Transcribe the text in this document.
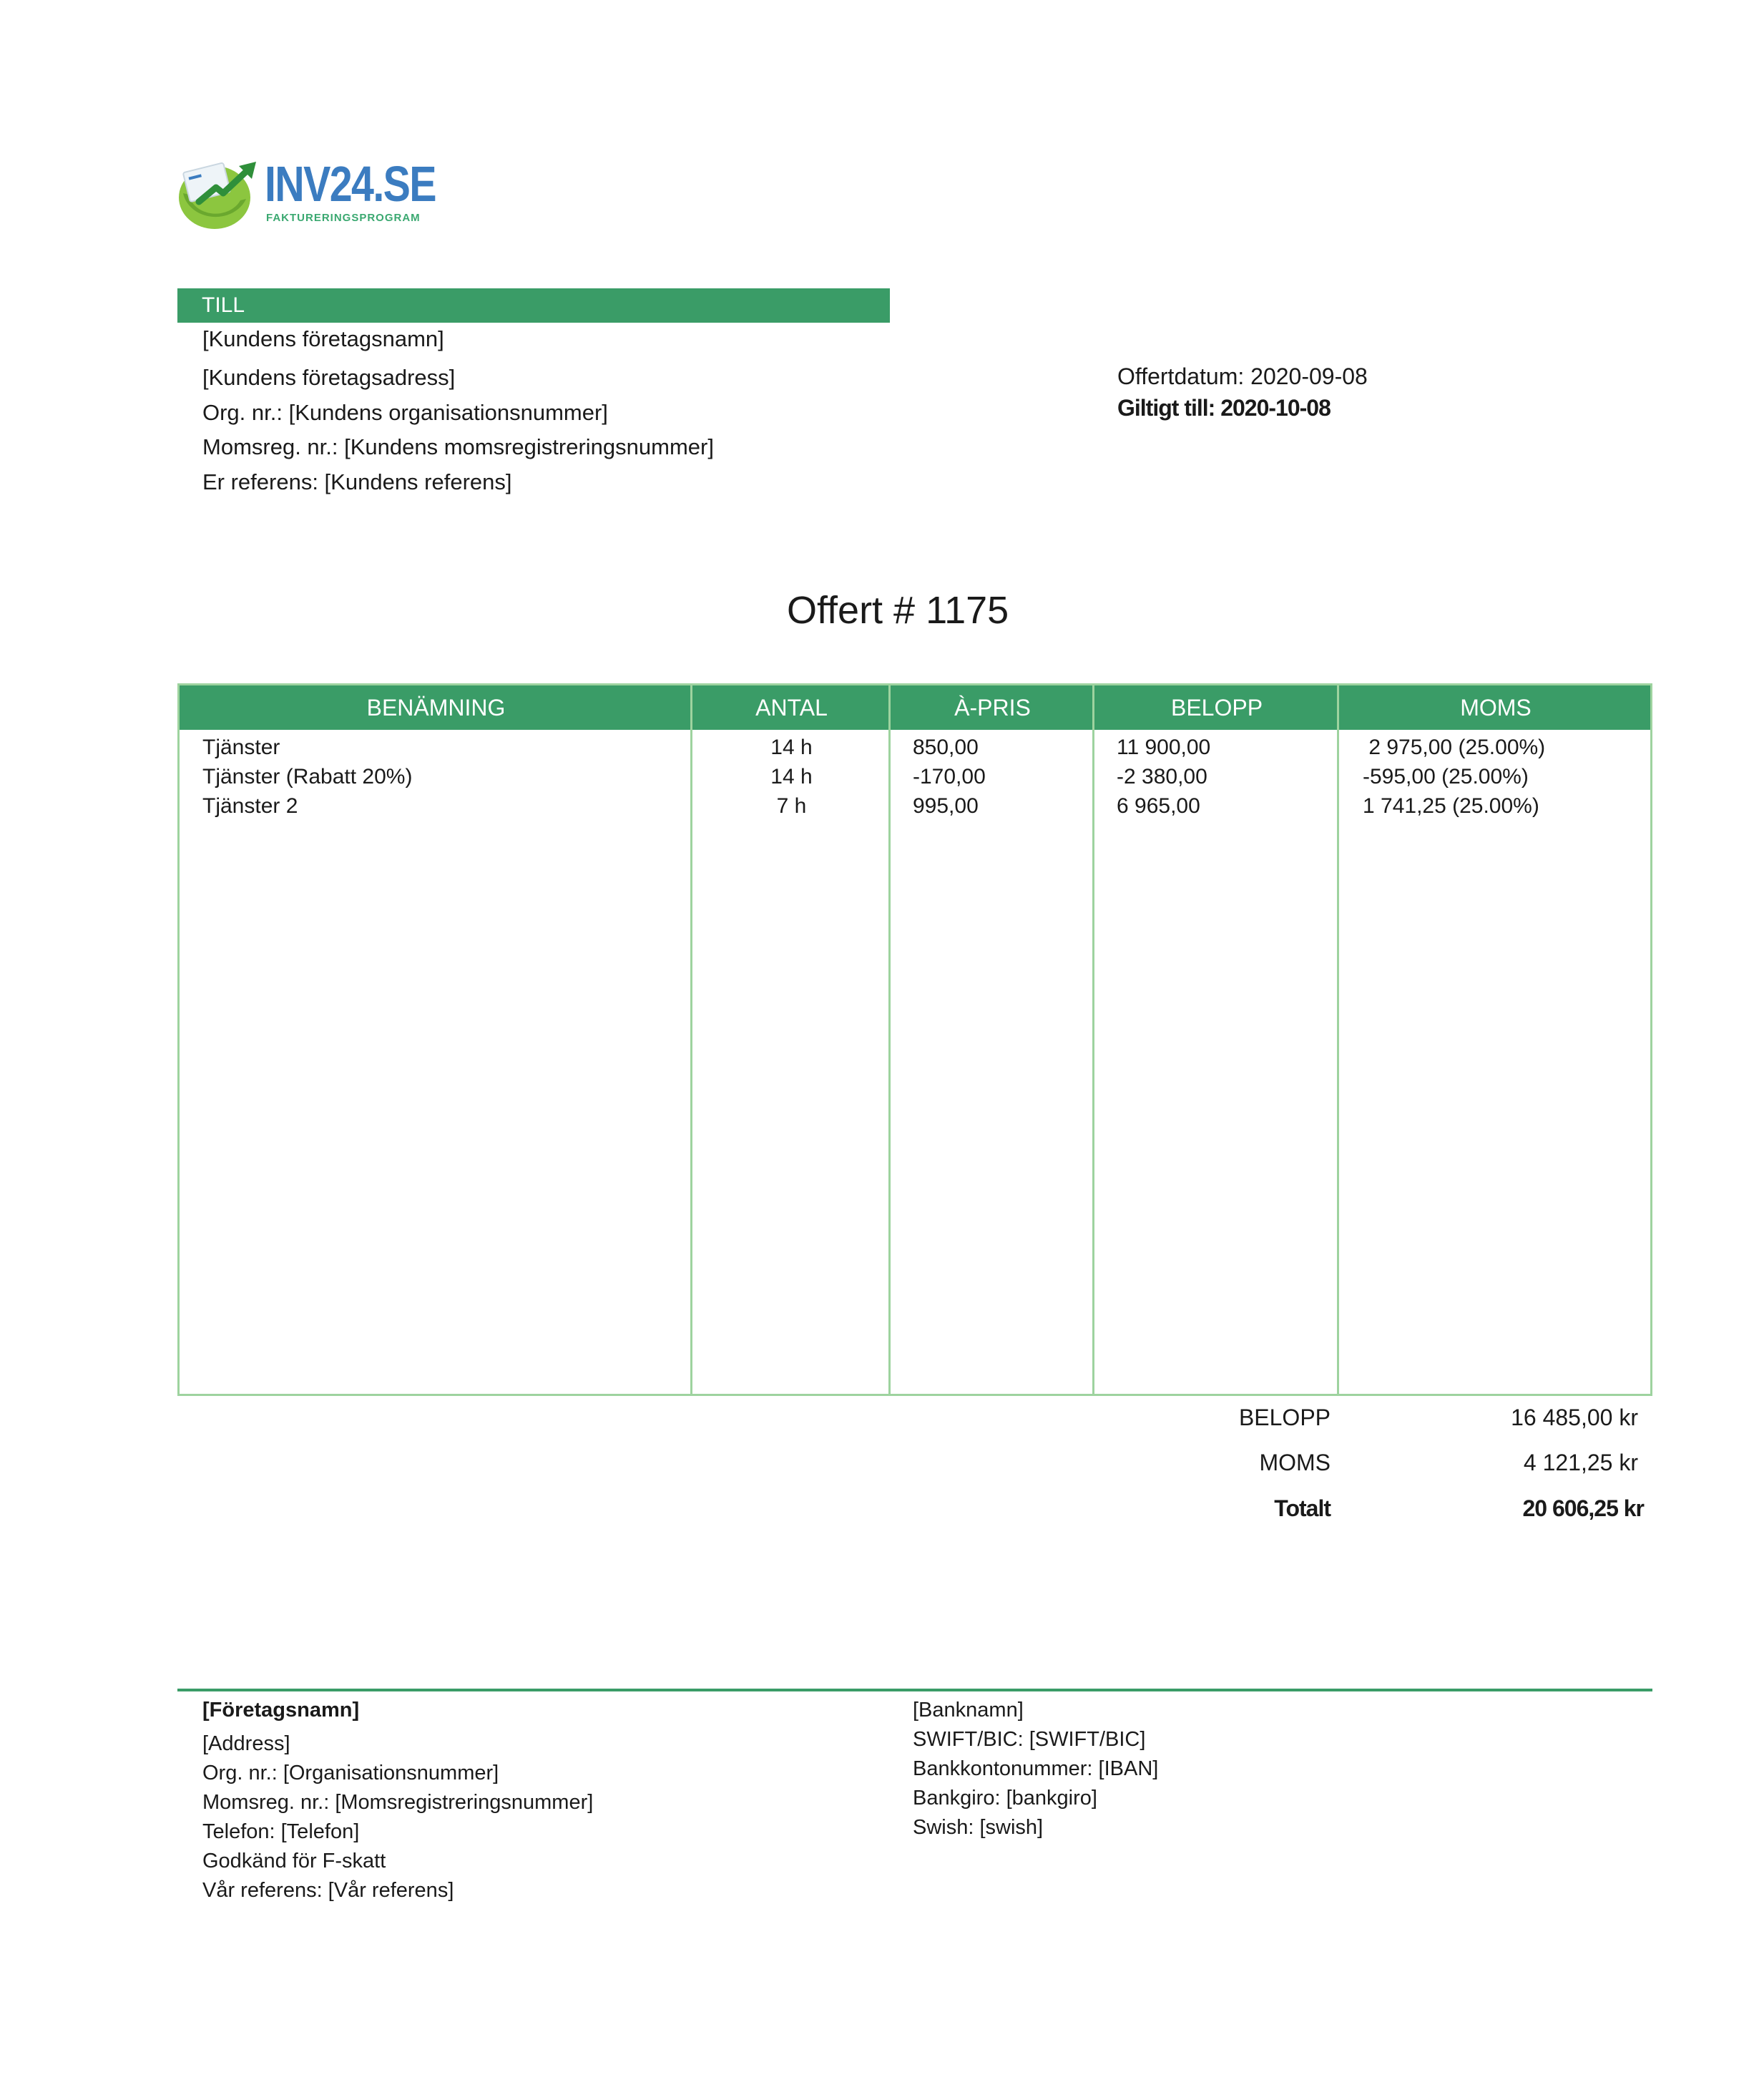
INV24.SE
FAKTURERINGSPROGRAM
TILL
[Kundens företagsnamn]
[Kundens företagsadress]
Org. nr.: [Kundens organisationsnummer]
Momsreg. nr.: [Kundens momsregistreringsnummer]
Er referens: [Kundens referens]
Offertdatum: 2020-09-08
Giltigt till: 2020-10-08
Offert # 1175
BENÄMNING	ANTAL	À-PRIS	BELOPP	MOMS
Tjänster	14 h	850,00	11 900,00	2 975,00 (25.00%)
Tjänster (Rabatt 20%)	14 h	-170,00	-2 380,00	-595,00 (25.00%)
Tjänster 2	7 h	995,00	6 965,00	1 741,25 (25.00%)
BELOPP	16 485,00 kr
MOMS	4 121,25 kr
Totalt	20 606,25 kr
[Företagsnamn]
[Address]
Org. nr.: [Organisationsnummer]
Momsreg. nr.: [Momsregistreringsnummer]
Telefon: [Telefon]
Godkänd för F-skatt
Vår referens: [Vår referens]
[Banknamn]
SWIFT/BIC: [SWIFT/BIC]
Bankkontonummer: [IBAN]
Bankgiro: [bankgiro]
Swish: [swish]
